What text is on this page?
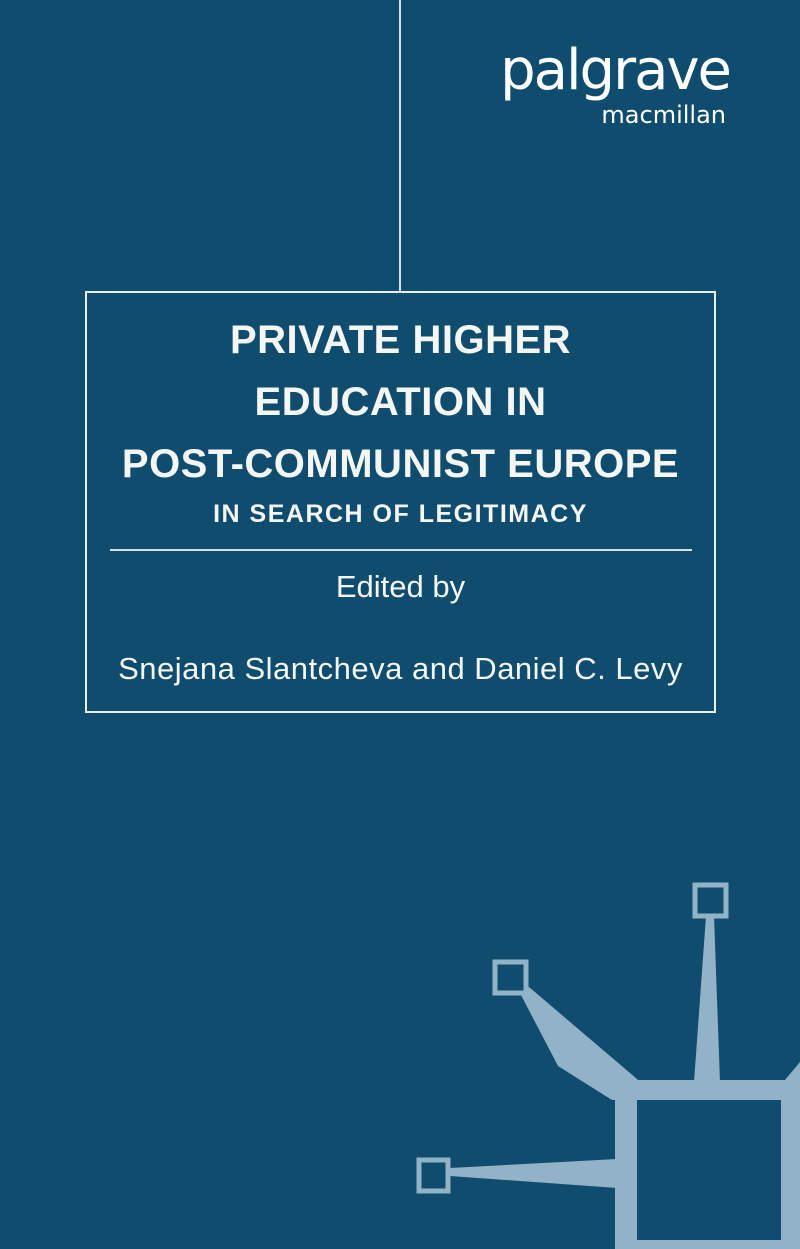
palgrave
macmillan
PRIVATE HIGHER
EDUCATION IN
POST-COMMUNIST EUROPE
IN SEARCH OF LEGITIMACY
Edited by
Snejana Slantcheva and Daniel C. Levy
